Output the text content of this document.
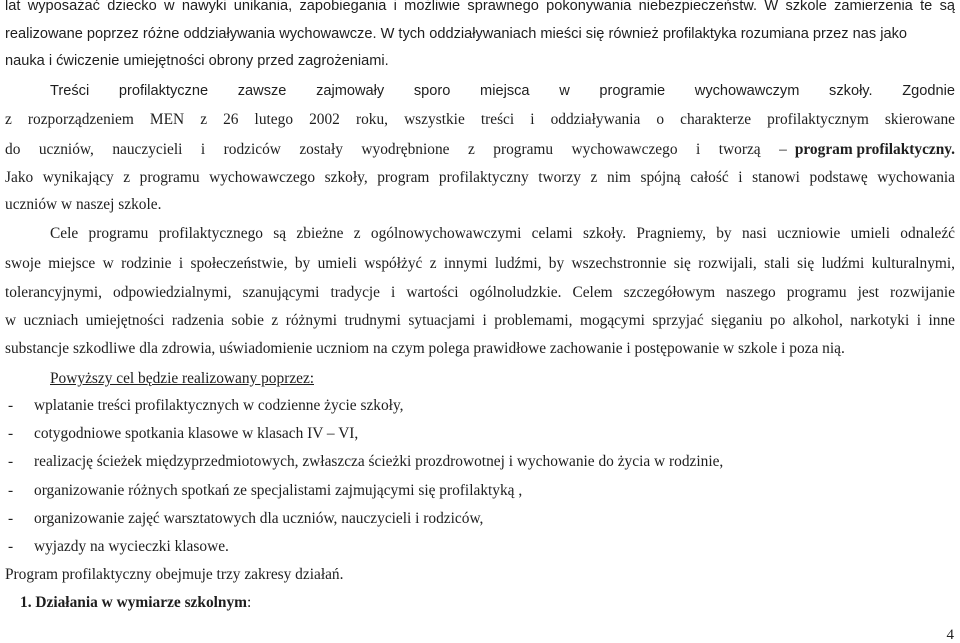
lat wyposażać dziecko w nawyki unikania, zapobiegania i możliwie sprawnego pokonywania niebezpieczeństw. W szkole zamierzenia te są
realizowane poprzez różne oddziaływania wychowawcze. W tych oddziaływaniach mieści się również profilaktyka rozumiana przez nas jako
nauka i ćwiczenie umiejętności obrony przed zagrożeniami.
Treści profilaktyczne zawsze zajmowały sporo miejsca w programie wychowawczym szkoły. Zgodnie
z rozporządzeniem MEN z 26 lutego 2002 roku, wszystkie treści i oddziaływania o charakterze profilaktycznym skierowane
do uczniów, nauczycieli i rodziców zostały wyodrębnione z programu wychowawczego i tworzą – program profilaktyczny.
Jako wynikający z programu wychowawczego szkoły, program profilaktyczny tworzy z nim spójną całość i stanowi podstawę wychowania
uczniów w naszej szkole.
Cele programu profilaktycznego są zbieżne z ogólnowychowawczymi celami szkoły. Pragniemy, by nasi uczniowie umieli odnaleźć
swoje miejsce w rodzinie i społeczeństwie, by umieli współżyć z innymi ludźmi, by wszechstronnie się rozwijali, stali się ludźmi kulturalnymi,
tolerancyjnymi, odpowiedzialnymi, szanującymi tradycje i wartości ogólnoludzkie. Celem szczegółowym naszego programu jest rozwijanie
w uczniach umiejętności radzenia sobie z różnymi trudnymi sytuacjami i problemami, mogącymi sprzyjać sięganiu po alkohol, narkotyki i inne
substancje szkodliwe dla zdrowia, uświadomienie uczniom na czym polega prawidłowe zachowanie i postępowanie w szkole i poza nią.
Powyższy cel będzie realizowany poprzez:
- wplatanie treści profilaktycznych w codzienne życie szkoły,
- cotygodniowe spotkania klasowe w klasach IV – VI,
- realizację ścieżek międzyprzedmiotowych, zwłaszcza ścieżki prozdrowotnej i wychowanie do życia w rodzinie,
- organizowanie różnych spotkań ze specjalistami zajmującymi się profilaktyką ,
- organizowanie zajęć warsztatowych dla uczniów, nauczycieli i rodziców,
- wyjazdy na wycieczki klasowe.
Program profilaktyczny obejmuje trzy zakresy działań.
1. Działania w wymiarze szkolnym:
4
